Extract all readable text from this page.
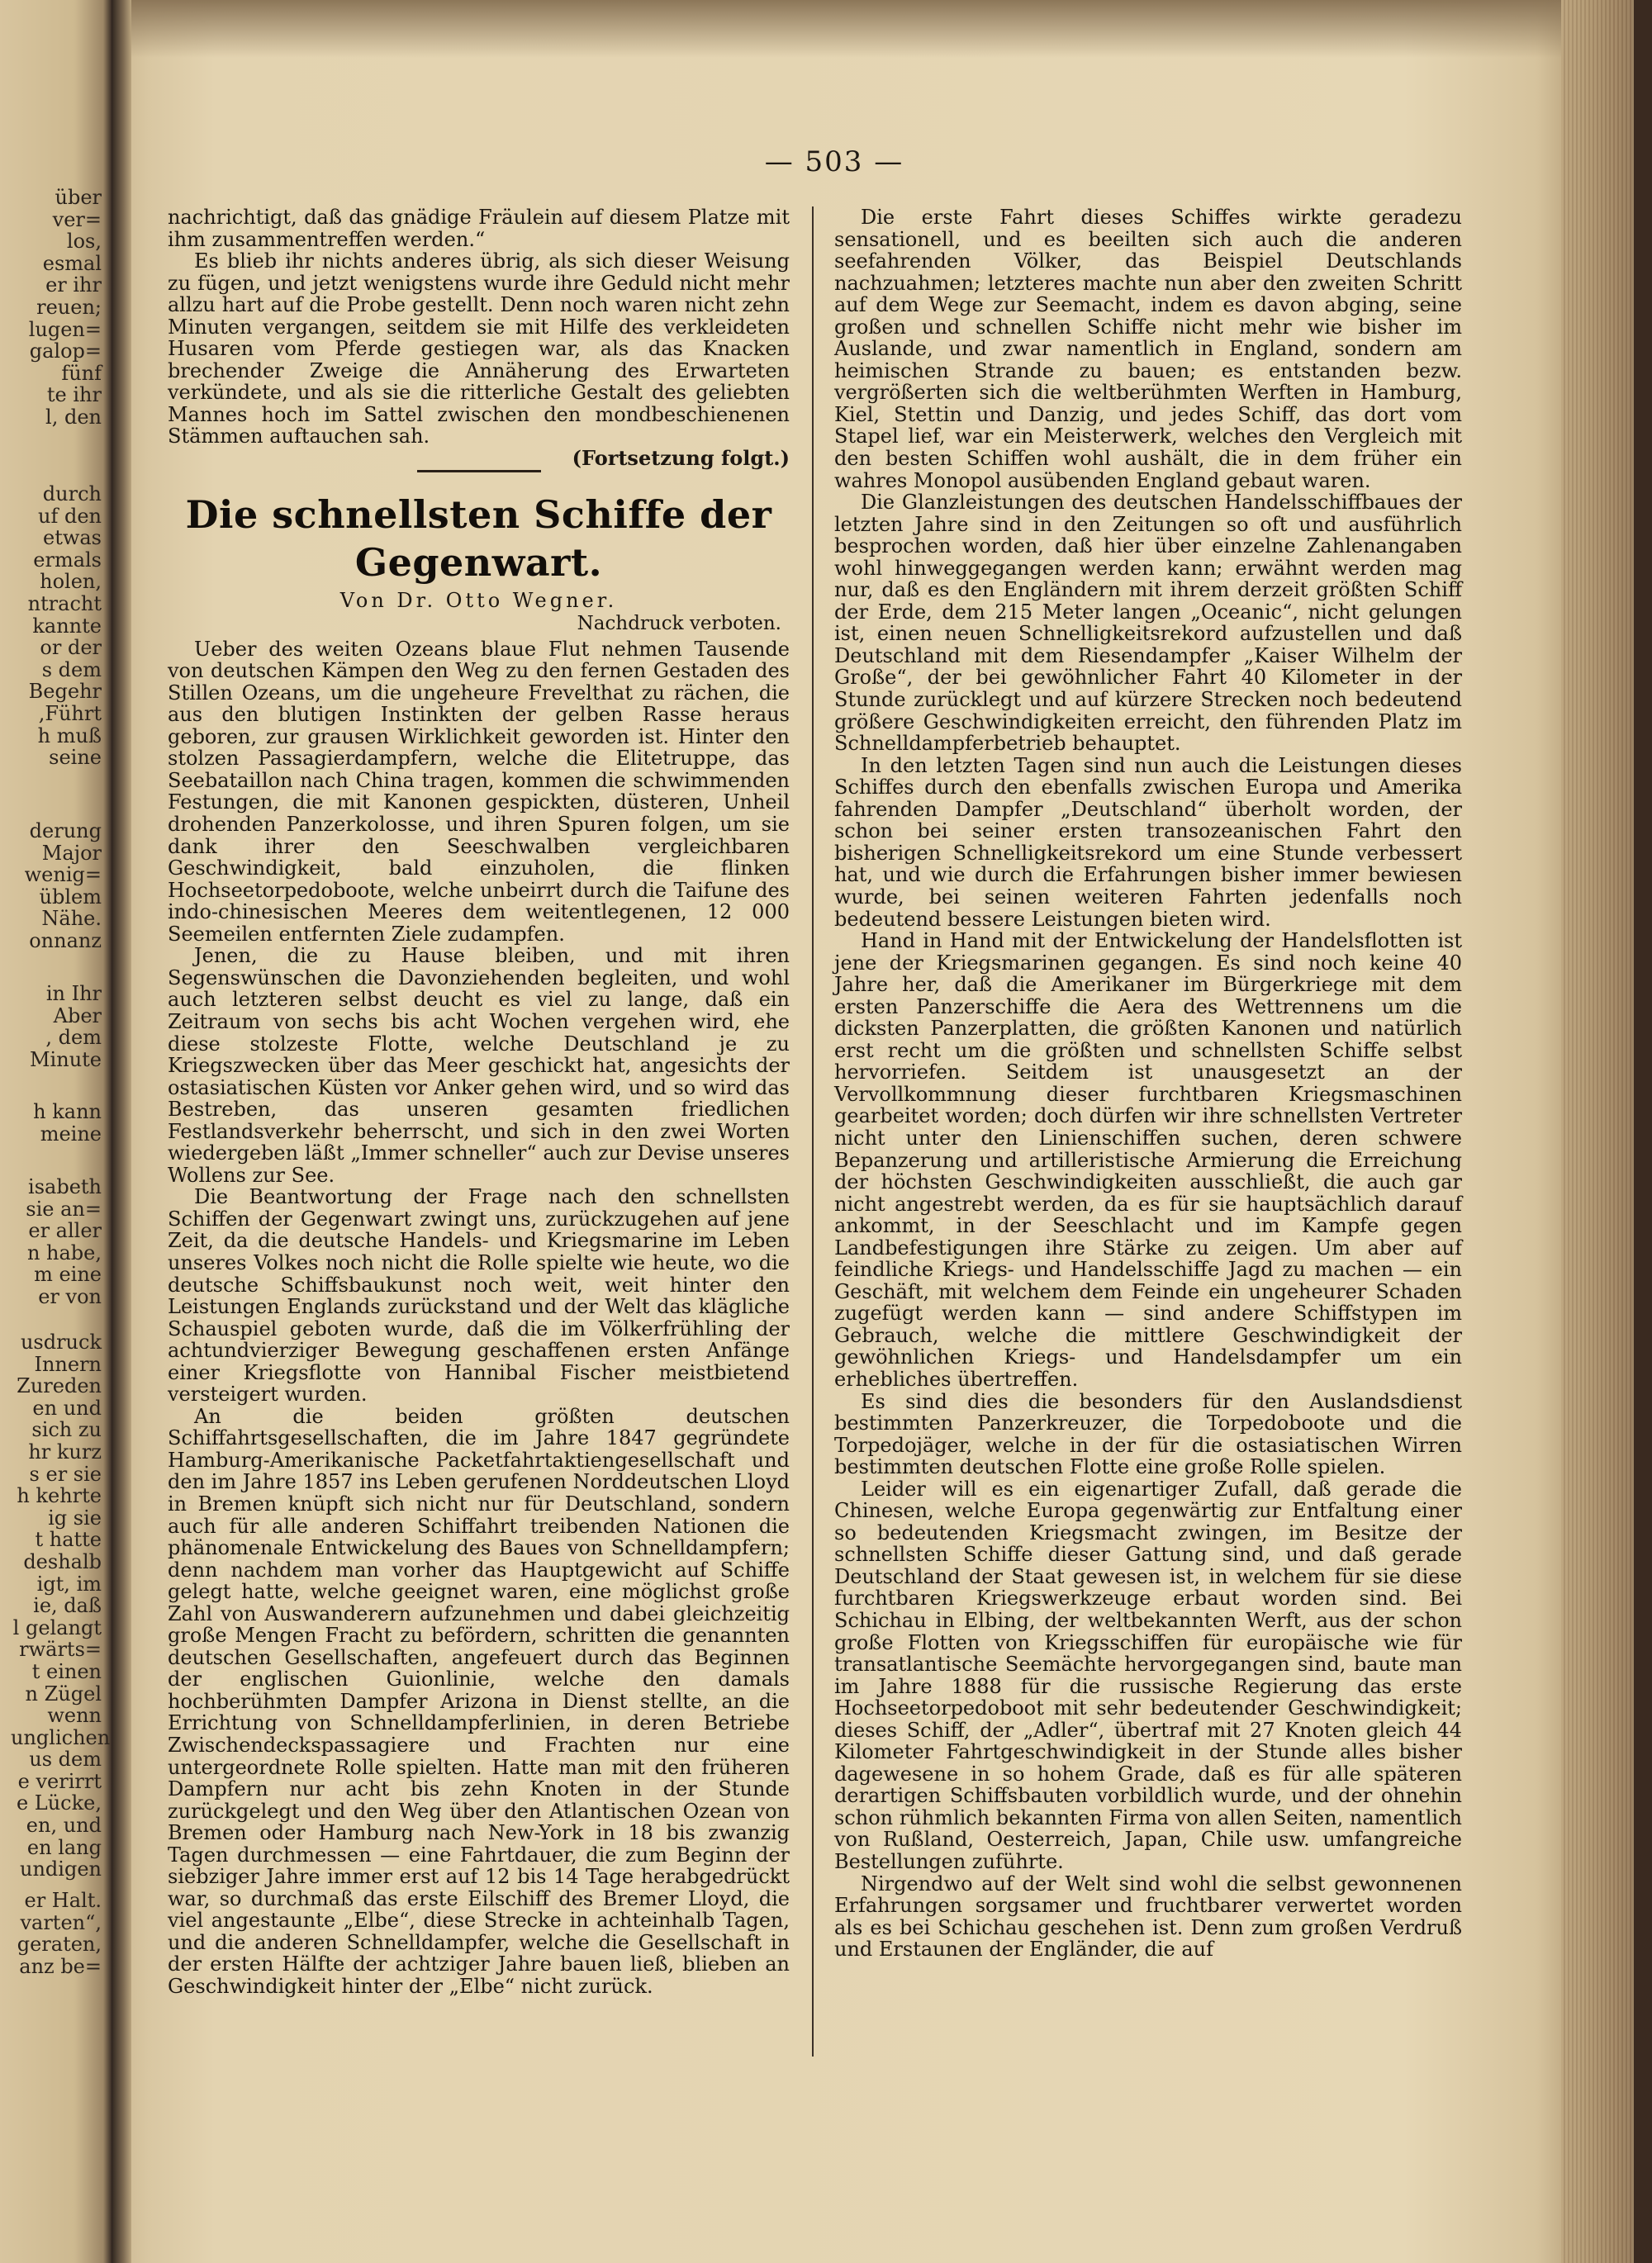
über
ver=
los,
esmal
er ihr
reuen;
lugen=
galop=
fünf
te ihr
l, den
durch
uf den
etwas
ermals
holen,
ntracht
kannte
or der
s dem
Begehr
,Führt
h muß
seine
derung
Major
wenig=
üblem
Nähe.
onnanz
in Ihr
Aber
, dem
Minute
h kann
meine
isabeth
sie an=
er aller
n habe,
m eine
er von
usdruck
Innern
Zureden
en und
sich zu
hr kurz
s er sie
h kehrte
ig sie
t hatte
deshalb
igt, im
ie, daß
l gelangt
rwärts=
t einen
n Zügel
wenn
unglichen
us dem
e verirrt
e Lücke,
en, und
en lang
undigen
er Halt.
varten“,
geraten,
anz be=
— 503 —

nachrichtigt, daß das gnädige Fräulein auf diesem Platze mit ihm zusammentreffen werden.“

Es blieb ihr nichts anderes übrig, als sich dieser Weisung zu fügen, und jetzt wenigstens wurde ihre Geduld nicht mehr allzu hart auf die Probe gestellt. Denn noch waren nicht zehn Minuten vergangen, seitdem sie mit Hilfe des verkleideten Husaren vom Pferde gestiegen war, als das Knacken brechender Zweige die Annäherung des Erwarteten verkündete, und als sie die ritterliche Gestalt des geliebten Mannes hoch im Sattel zwischen den mondbeschienenen Stämmen auftauchen sah.

(Fortsetzung folgt.)

Die schnellsten Schiffe der Gegenwart.
Von Dr. Otto Wegner.
Nachdruck verboten.

Ueber des weiten Ozeans blaue Flut nehmen Tausende von deutschen Kämpen den Weg zu den fernen Gestaden des Stillen Ozeans, um die ungeheure Frevelthat zu rächen, die aus den blutigen Instinkten der gelben Rasse heraus geboren, zur grausen Wirklichkeit geworden ist. Hinter den stolzen Passagierdampfern, welche die Elitetruppe, das Seebataillon nach China tragen, kommen die schwimmenden Festungen, die mit Kanonen gespickten, düsteren, Unheil drohenden Panzerkolosse, und ihren Spuren folgen, um sie dank ihrer den Seeschwalben vergleichbaren Geschwindigkeit, bald einzuholen, die flinken Hochseetorpedoboote, welche unbeirrt durch die Taifune des indo-chinesischen Meeres dem weitentlegenen, 12 000 Seemeilen entfernten Ziele zudampfen.

Jenen, die zu Hause bleiben, und mit ihren Segenswünschen die Davonziehenden begleiten, und wohl auch letzteren selbst deucht es viel zu lange, daß ein Zeitraum von sechs bis acht Wochen vergehen wird, ehe diese stolzeste Flotte, welche Deutschland je zu Kriegszwecken über das Meer geschickt hat, angesichts der ostasiatischen Küsten vor Anker gehen wird, und so wird das Bestreben, das unseren gesamten friedlichen Festlandsverkehr beherrscht, und sich in den zwei Worten wiedergeben läßt „Immer schneller“ auch zur Devise unseres Wollens zur See.

Die Beantwortung der Frage nach den schnellsten Schiffen der Gegenwart zwingt uns, zurückzugehen auf jene Zeit, da die deutsche Handels- und Kriegsmarine im Leben unseres Volkes noch nicht die Rolle spielte wie heute, wo die deutsche Schiffsbaukunst noch weit, weit hinter den Leistungen Englands zurückstand und der Welt das klägliche Schauspiel geboten wurde, daß die im Völkerfrühling der achtundvierziger Bewegung geschaffenen ersten Anfänge einer Kriegsflotte von Hannibal Fischer meistbietend versteigert wurden.

An die beiden größten deutschen Schiffahrtsgesellschaften, die im Jahre 1847 gegründete Hamburg-Amerikanische Packetfahrtaktiengesellschaft und den im Jahre 1857 ins Leben gerufenen Norddeutschen Lloyd in Bremen knüpft sich nicht nur für Deutschland, sondern auch für alle anderen Schiffahrt treibenden Nationen die phänomenale Entwickelung des Baues von Schnelldampfern; denn nachdem man vorher das Hauptgewicht auf Schiffe gelegt hatte, welche geeignet waren, eine möglichst große Zahl von Auswanderern aufzunehmen und dabei gleichzeitig große Mengen Fracht zu befördern, schritten die genannten deutschen Gesellschaften, angefeuert durch das Beginnen der englischen Guionlinie, welche den damals hochberühmten Dampfer Arizona in Dienst stellte, an die Errichtung von Schnelldampferlinien, in deren Betriebe Zwischendeckspassagiere und Frachten nur eine untergeordnete Rolle spielten. Hatte man mit den früheren Dampfern nur acht bis zehn Knoten in der Stunde zurückgelegt und den Weg über den Atlantischen Ozean von Bremen oder Hamburg nach New-York in 18 bis zwanzig Tagen durchmessen — eine Fahrtdauer, die zum Beginn der siebziger Jahre immer erst auf 12 bis 14 Tage herabgedrückt war, so durchmaß das erste Eilschiff des Bremer Lloyd, die viel angestaunte „Elbe“, diese Strecke in achteinhalb Tagen, und die anderen Schnelldampfer, welche die Gesellschaft in der ersten Hälfte der achtziger Jahre bauen ließ, blieben an Geschwindigkeit hinter der „Elbe“ nicht zurück.

Die erste Fahrt dieses Schiffes wirkte geradezu sensationell, und es beeilten sich auch die anderen seefahrenden Völker, das Beispiel Deutschlands nachzuahmen; letzteres machte nun aber den zweiten Schritt auf dem Wege zur Seemacht, indem es davon abging, seine großen und schnellen Schiffe nicht mehr wie bisher im Auslande, und zwar namentlich in England, sondern am heimischen Strande zu bauen; es entstanden bezw. vergrößerten sich die weltberühmten Werften in Hamburg, Kiel, Stettin und Danzig, und jedes Schiff, das dort vom Stapel lief, war ein Meisterwerk, welches den Vergleich mit den besten Schiffen wohl aushält, die in dem früher ein wahres Monopol ausübenden England gebaut waren.

Die Glanzleistungen des deutschen Handelsschiffbaues der letzten Jahre sind in den Zeitungen so oft und ausführlich besprochen worden, daß hier über einzelne Zahlenangaben wohl hinweggegangen werden kann; erwähnt werden mag nur, daß es den Engländern mit ihrem derzeit größten Schiff der Erde, dem 215 Meter langen „Oceanic“, nicht gelungen ist, einen neuen Schnelligkeitsrekord aufzustellen und daß Deutschland mit dem Riesendampfer „Kaiser Wilhelm der Große“, der bei gewöhnlicher Fahrt 40 Kilometer in der Stunde zurücklegt und auf kürzere Strecken noch bedeutend größere Geschwindigkeiten erreicht, den führenden Platz im Schnelldampferbetrieb behauptet.

In den letzten Tagen sind nun auch die Leistungen dieses Schiffes durch den ebenfalls zwischen Europa und Amerika fahrenden Dampfer „Deutschland“ überholt worden, der schon bei seiner ersten transozeanischen Fahrt den bisherigen Schnelligkeitsrekord um eine Stunde verbessert hat, und wie durch die Erfahrungen bisher immer bewiesen wurde, bei seinen weiteren Fahrten jedenfalls noch bedeutend bessere Leistungen bieten wird.

Hand in Hand mit der Entwickelung der Handelsflotten ist jene der Kriegsmarinen gegangen. Es sind noch keine 40 Jahre her, daß die Amerikaner im Bürgerkriege mit dem ersten Panzerschiffe die Aera des Wettrennens um die dicksten Panzerplatten, die größten Kanonen und natürlich erst recht um die größten und schnellsten Schiffe selbst hervorriefen. Seitdem ist unausgesetzt an der Vervollkommnung dieser furchtbaren Kriegsmaschinen gearbeitet worden; doch dürfen wir ihre schnellsten Vertreter nicht unter den Linienschiffen suchen, deren schwere Bepanzerung und artilleristische Armierung die Erreichung der höchsten Geschwindigkeiten ausschließt, die auch gar nicht angestrebt werden, da es für sie hauptsächlich darauf ankommt, in der Seeschlacht und im Kampfe gegen Landbefestigungen ihre Stärke zu zeigen. Um aber auf feindliche Kriegs- und Handelsschiffe Jagd zu machen — ein Geschäft, mit welchem dem Feinde ein ungeheurer Schaden zugefügt werden kann — sind andere Schiffstypen im Gebrauch, welche die mittlere Geschwindigkeit der gewöhnlichen Kriegs- und Handelsdampfer um ein erhebliches übertreffen.

Es sind dies die besonders für den Auslandsdienst bestimmten Panzerkreuzer, die Torpedoboote und die Torpedojäger, welche in der für die ostasiatischen Wirren bestimmten deutschen Flotte eine große Rolle spielen.

Leider will es ein eigenartiger Zufall, daß gerade die Chinesen, welche Europa gegenwärtig zur Entfaltung einer so bedeutenden Kriegsmacht zwingen, im Besitze der schnellsten Schiffe dieser Gattung sind, und daß gerade Deutschland der Staat gewesen ist, in welchem für sie diese furchtbaren Kriegswerkzeuge erbaut worden sind. Bei Schichau in Elbing, der weltbekannten Werft, aus der schon große Flotten von Kriegsschiffen für europäische wie für transatlantische Seemächte hervorgegangen sind, baute man im Jahre 1888 für die russische Regierung das erste Hochseetorpedoboot mit sehr bedeutender Geschwindigkeit; dieses Schiff, der „Adler“, übertraf mit 27 Knoten gleich 44 Kilometer Fahrtgeschwindigkeit in der Stunde alles bisher dagewesene in so hohem Grade, daß es für alle späteren derartigen Schiffsbauten vorbildlich wurde, und der ohnehin schon rühmlich bekannten Firma von allen Seiten, namentlich von Rußland, Oesterreich, Japan, Chile usw. umfangreiche Bestellungen zuführte.

Nirgendwo auf der Welt sind wohl die selbst gewonnenen Erfahrungen sorgsamer und fruchtbarer verwertet worden als es bei Schichau geschehen ist. Denn zum großen Verdruß und Erstaunen der Engländer, die auf
